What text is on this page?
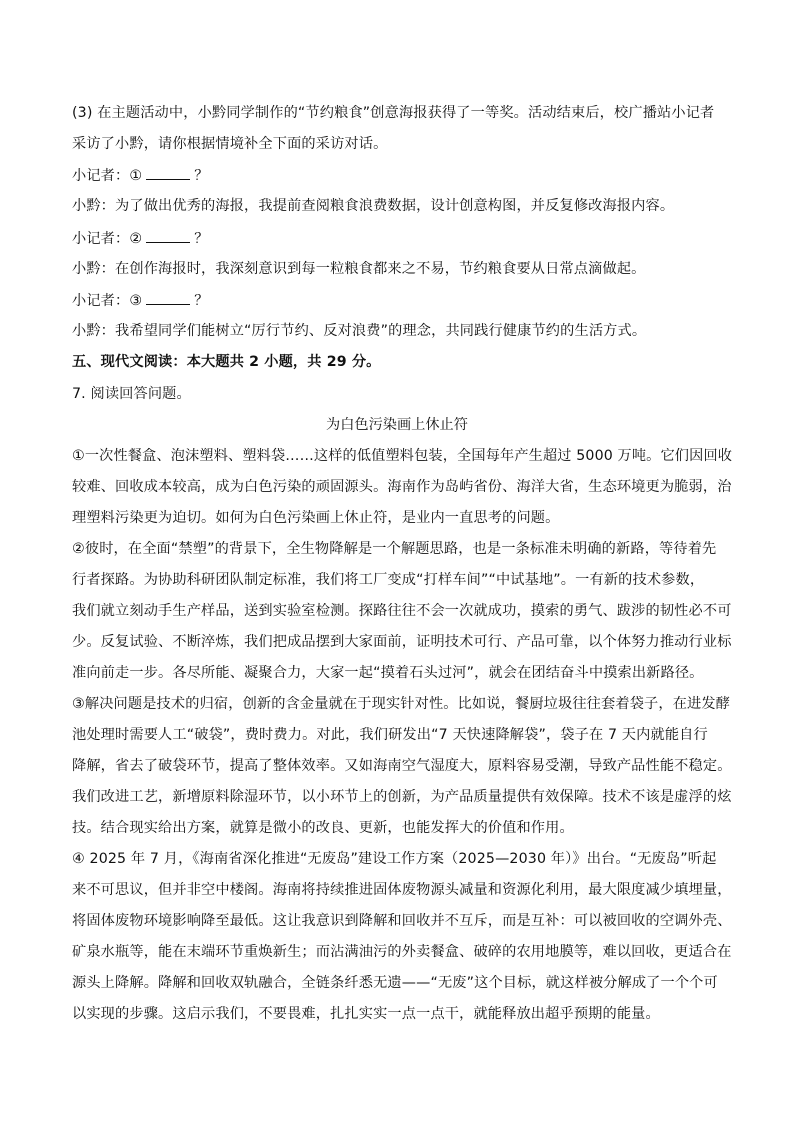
(3) 在主题活动中，小黔同学制作的“节约粮食”创意海报获得了一等奖。活动结束后，校广播站小记者
采访了小黔，请你根据情境补全下面的采访对话。
小记者：①	？
小黔：为了做出优秀的海报，我提前查阅粮食浪费数据，设计创意构图，并反复修改海报内容。
小记者：②	？
小黔：在创作海报时，我深刻意识到每一粒粮食都来之不易，节约粮食要从日常点滴做起。
小记者：③	？
小黔：我希望同学们能树立“厉行节约、反对浪费”的理念，共同践行健康节约的生活方式。
五、现代文阅读：本大题共 2 小题，共 29 分。
7. 阅读回答问题。
为白色污染画上休止符
①一次性餐盒、泡沫塑料、塑料袋……这样的低值塑料包装，全国每年产生超过 5000 万吨。它们因回收
较难、回收成本较高，成为白色污染的顽固源头。海南作为岛屿省份、海洋大省，生态环境更为脆弱，治
理塑料污染更为迫切。如何为白色污染画上休止符，是业内一直思考的问题。
②彼时，在全面“禁塑”的背景下，全生物降解是一个解题思路，也是一条标准未明确的新路，等待着先
行者探路。为协助科研团队制定标准，我们将工厂变成“打样车间”“中试基地”。一有新的技术参数，
我们就立刻动手生产样品，送到实验室检测。探路往往不会一次就成功，摸索的勇气、跋涉的韧性必不可
少。反复试验、不断淬炼，我们把成品摆到大家面前，证明技术可行、产品可靠，以个体努力推动行业标
准向前走一步。各尽所能、凝聚合力，大家一起“摸着石头过河”，就会在团结奋斗中摸索出新路径。
③解决问题是技术的归宿，创新的含金量就在于现实针对性。比如说，餐厨垃圾往往套着袋子，在进发酵
池处理时需要人工“破袋”，费时费力。对此，我们研发出“7 天快速降解袋”，袋子在 7 天内就能自行
降解，省去了破袋环节，提高了整体效率。又如海南空气湿度大，原料容易受潮，导致产品性能不稳定。
我们改进工艺，新增原料除湿环节，以小环节上的创新，为产品质量提供有效保障。技术不该是虚浮的炫
技。结合现实给出方案，就算是微小的改良、更新，也能发挥大的价值和作用。
④ 2025 年 7 月，《海南省深化推进“无废岛”建设工作方案（2025—2030 年）》出台。“无废岛”听起
来不可思议，但并非空中楼阁。海南将持续推进固体废物源头减量和资源化利用，最大限度减少填埋量，
将固体废物环境影响降至最低。这让我意识到降解和回收并不互斥，而是互补：可以被回收的空调外壳、
矿泉水瓶等，能在末端环节重焕新生；而沾满油污的外卖餐盒、破碎的农用地膜等，难以回收，更适合在
源头上降解。降解和回收双轨融合，全链条纤悉无遗——“无废”这个目标，就这样被分解成了一个个可
以实现的步骤。这启示我们，不要畏难，扎扎实实一点一点干，就能释放出超乎预期的能量。
